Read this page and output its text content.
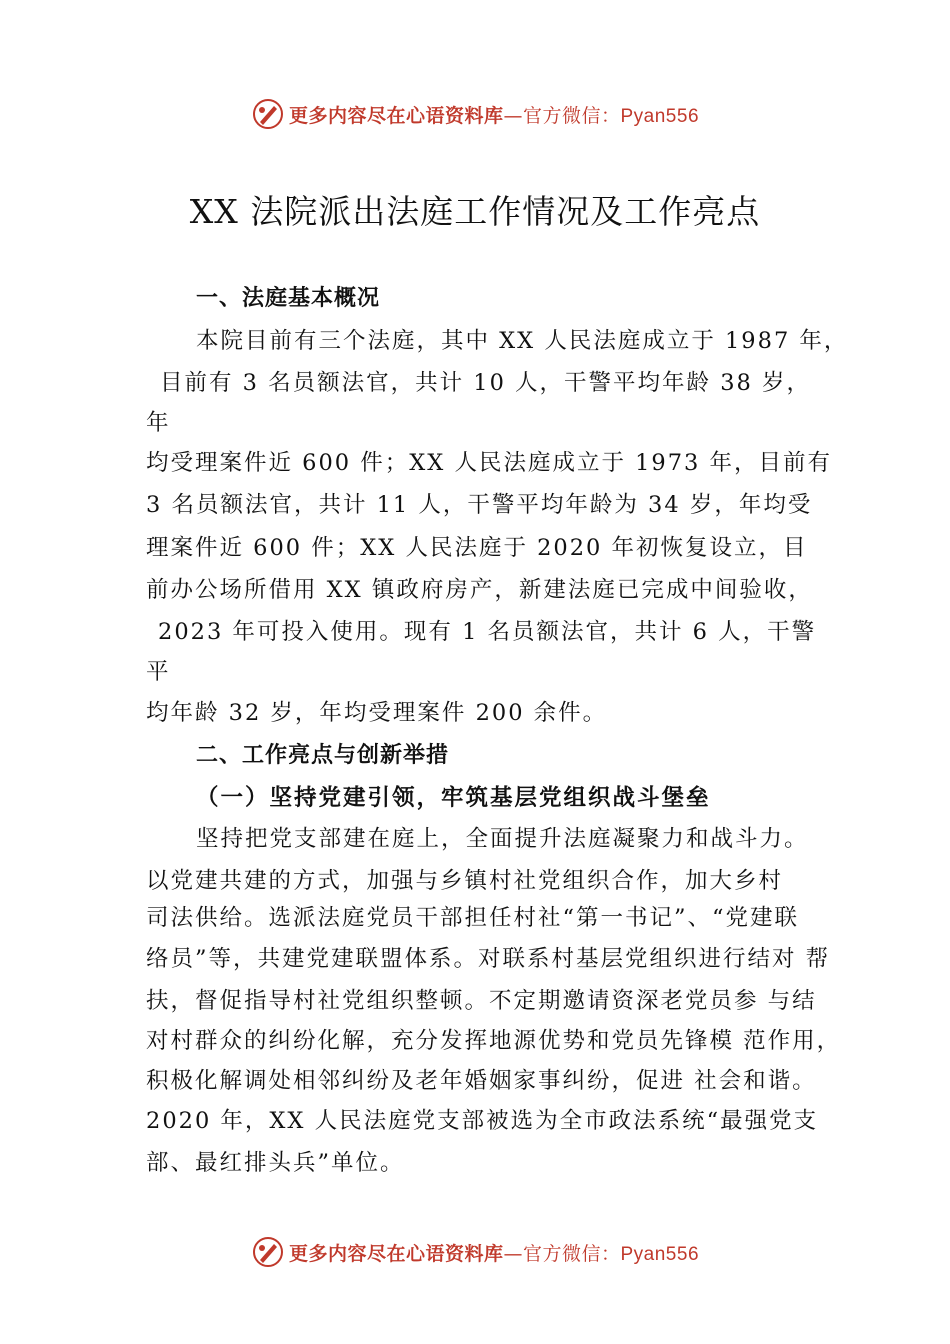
更多内容尽在心语资料库—官方微信：Pyan556
XX 法院派出法庭工作情况及工作亮点
一、法庭基本概况
本院目前有三个法庭，其中 XX 人民法庭成立于 1987 年，
目前有 3 名员额法官，共计 10 人，干警平均年龄 38 岁，
年
均受理案件近 600 件；XX 人民法庭成立于 1973 年，目前有
3 名员额法官，共计 11 人，干警平均年龄为 34 岁，年均受
理案件近 600 件；XX 人民法庭于 2020 年初恢复设立，目
前办公场所借用 XX 镇政府房产，新建法庭已完成中间验收，
2023 年可投入使用。现有 1 名员额法官，共计 6 人，干警
平
均年龄 32 岁，年均受理案件 200 余件。
二、工作亮点与创新举措
（一）坚持党建引领，牢筑基层党组织战斗堡垒
坚持把党支部建在庭上，全面提升法庭凝聚力和战斗力。
以党建共建的方式，加强与乡镇村社党组织合作，加大乡村
司法供给。选派法庭党员干部担任村社“第一书记”、“党建联
络员”等，共建党建联盟体系。对联系村基层党组织进行结对 帮
扶，督促指导村社党组织整顿。不定期邀请资深老党员参 与结
对村群众的纠纷化解，充分发挥地源优势和党员先锋模 范作用，
积极化解调处相邻纠纷及老年婚姻家事纠纷，促进 社会和谐。
2020 年，XX 人民法庭党支部被选为全市政法系统“最强党支
部、最红排头兵”单位。
更多内容尽在心语资料库—官方微信：Pyan556
